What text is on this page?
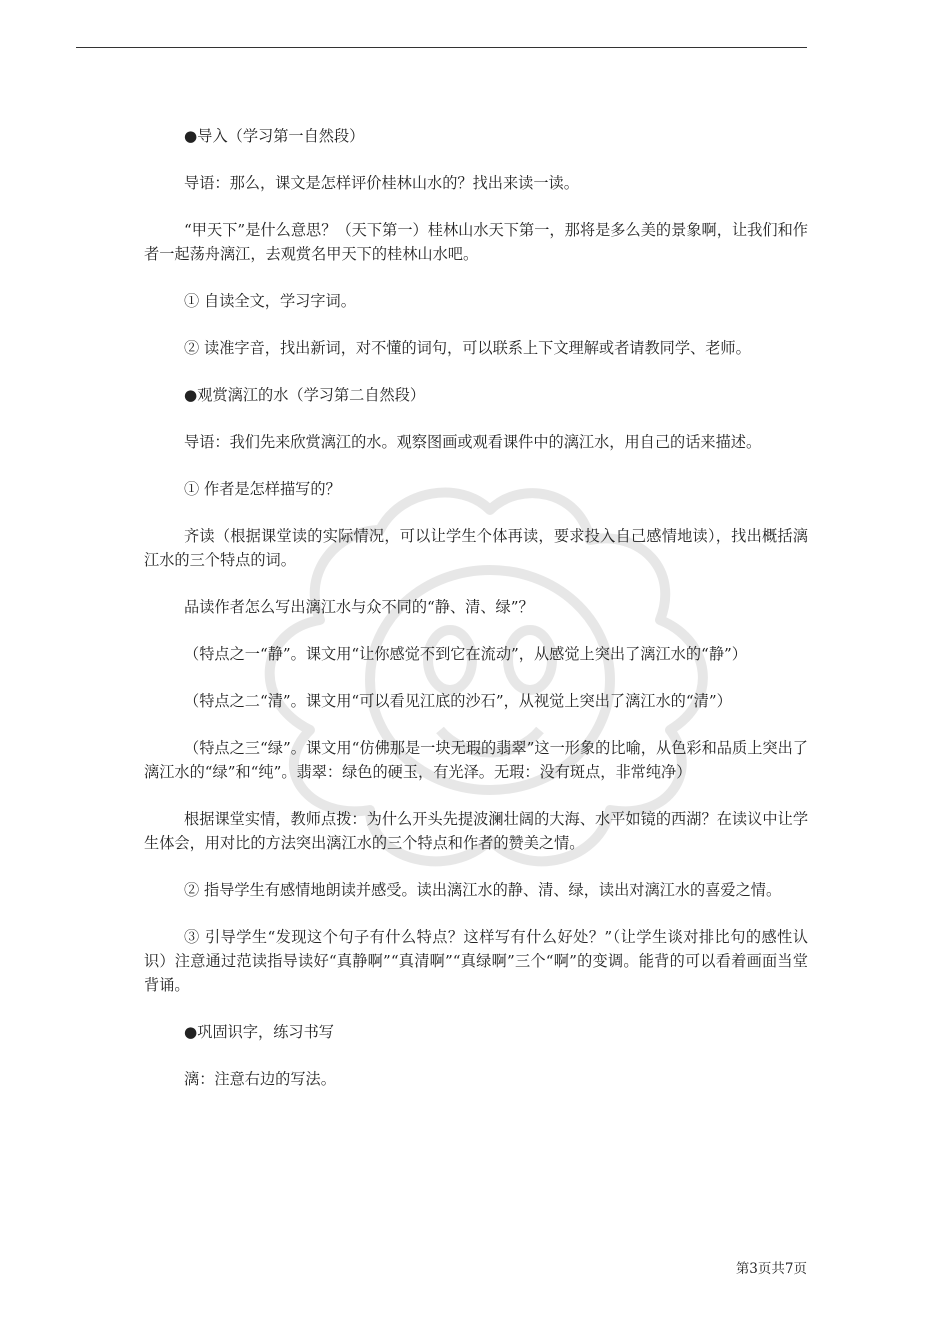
●导入（学习第一自然段）

导语：那么，课文是怎样评价桂林山水的？找出来读一读。

“甲天下”是什么意思？（天下第一）桂林山水天下第一，那将是多么美的景象啊，让我们和作者一起荡舟漓江，去观赏名甲天下的桂林山水吧。

① 自读全文，学习字词。

② 读准字音，找出新词，对不懂的词句，可以联系上下文理解或者请教同学、老师。

●观赏漓江的水（学习第二自然段）

导语：我们先来欣赏漓江的水。观察图画或观看课件中的漓江水，用自己的话来描述。

① 作者是怎样描写的？

齐读（根据课堂读的实际情况，可以让学生个体再读，要求投入自己感情地读），找出概括漓江水的三个特点的词。

品读作者怎么写出漓江水与众不同的“静、清、绿”？

（特点之一“静”。课文用“让你感觉不到它在流动”，从感觉上突出了漓江水的“静”）

（特点之二“清”。课文用“可以看见江底的沙石”，从视觉上突出了漓江水的“清”）

（特点之三“绿”。课文用“仿佛那是一块无瑕的翡翠”这一形象的比喻，从色彩和品质上突出了漓江水的“绿”和“纯”。翡翠：绿色的硬玉，有光泽。无瑕：没有斑点，非常纯净）

根据课堂实情，教师点拨：为什么开头先提波澜壮阔的大海、水平如镜的西湖？在读议中让学生体会，用对比的方法突出漓江水的三个特点和作者的赞美之情。

② 指导学生有感情地朗读并感受。读出漓江水的静、清、绿，读出对漓江水的喜爱之情。

③ 引导学生“发现这个句子有什么特点？这样写有什么好处？”（让学生谈对排比句的感性认识）注意通过范读指导读好“真静啊”“真清啊”“真绿啊”三个“啊”的变调。能背的可以看着画面当堂背诵。

●巩固识字，练习书写

漓：注意右边的写法。

第3页共7页
